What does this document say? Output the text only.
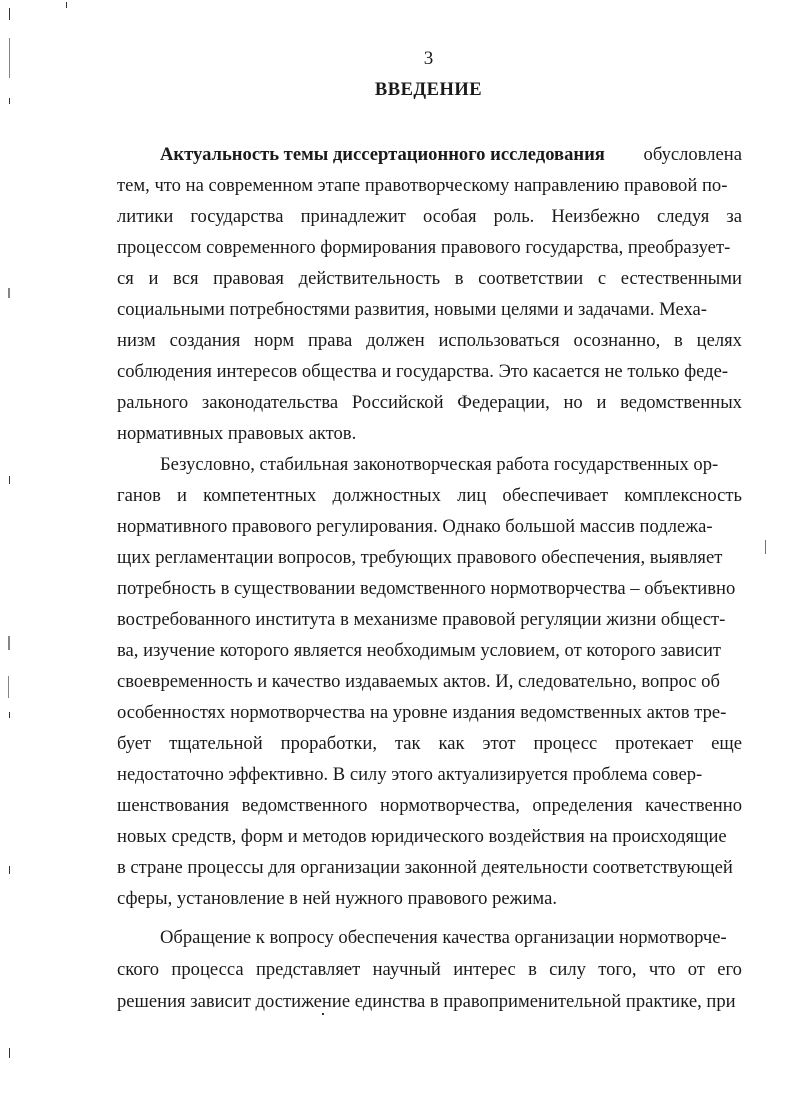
3
ВВЕДЕНИЕ
Актуальность темы диссертационного исследования обусловлена
тем, что на современном этапе правотворческому направлению правовой по-
литики государства принадлежит особая роль. Неизбежно следуя за
процессом современного формирования правового государства, преобразует-
ся и вся правовая действительность в соответствии с естественными
социальными потребностями развития, новыми целями и задачами. Меха-
низм создания норм права должен использоваться осознанно, в целях
соблюдения интересов общества и государства. Это касается не только феде-
рального законодательства Российской Федерации, но и ведомственных
нормативных правовых актов.
Безусловно, стабильная законотворческая работа государственных ор-
ганов и компетентных должностных лиц обеспечивает комплексность
нормативного правового регулирования. Однако большой массив подлежа-
щих регламентации вопросов, требующих правового обеспечения, выявляет
потребность в существовании ведомственного нормотворчества – объективно
востребованного института в механизме правовой регуляции жизни общест-
ва, изучение которого является необходимым условием, от которого зависит
своевременность и качество издаваемых актов. И, следовательно, вопрос об
особенностях нормотворчества на уровне издания ведомственных актов тре-
бует тщательной проработки, так как этот процесс протекает еще
недостаточно эффективно. В силу этого актуализируется проблема совер-
шенствования ведомственного нормотворчества, определения качественно
новых средств, форм и методов юридического воздействия на происходящие
в стране процессы для организации законной деятельности соответствующей
сферы, установление в ней нужного правового режима.
Обращение к вопросу обеспечения качества организации нормотворче-
ского процесса представляет научный интерес в силу того, что от его
решения зависит достижение единства в правоприменительной практике, при
